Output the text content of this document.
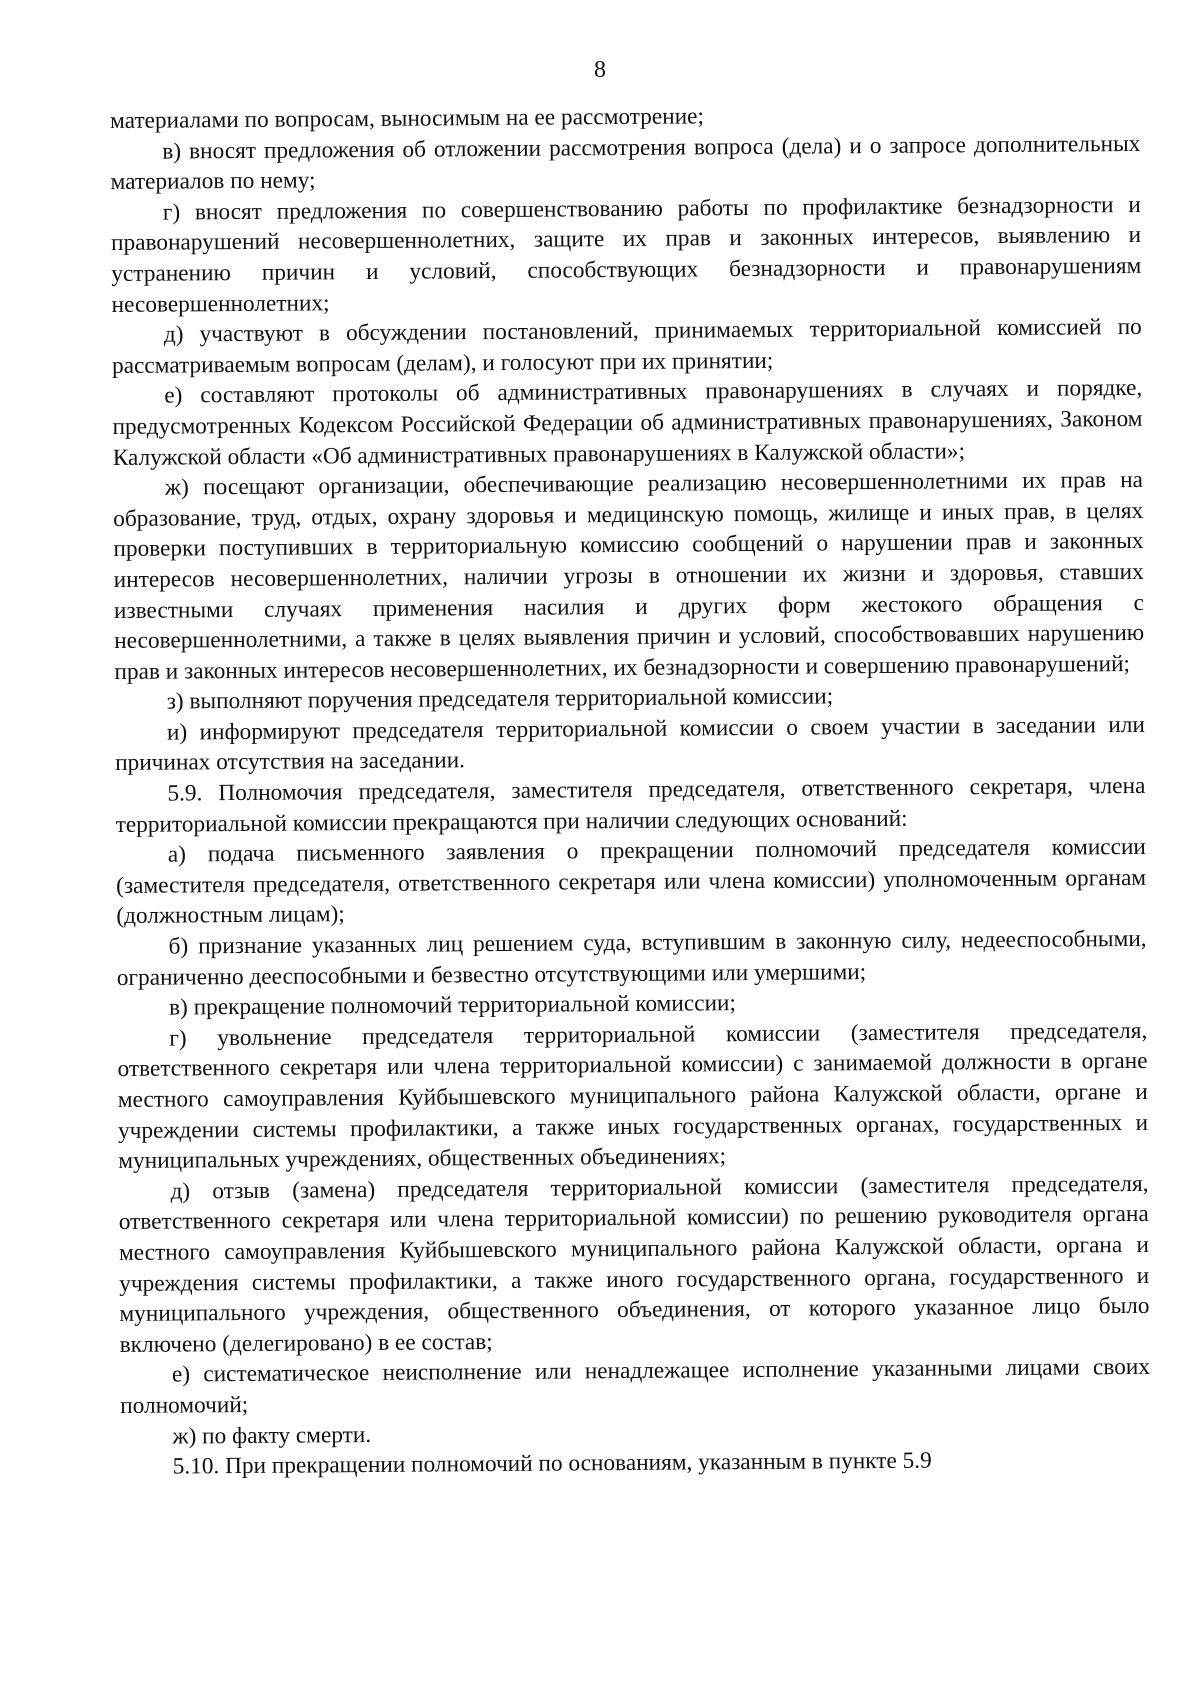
8

материалами по вопросам, выносимым на ее рассмотрение;

в) вносят предложения об отложении рассмотрения вопроса (дела) и о запросе дополнительных материалов по нему;

г) вносят предложения по совершенствованию работы по профилактике безнадзорности и правонарушений несовершеннолетних, защите их прав и законных интересов, выявлению и устранению причин и условий, способствующих безнадзорности и правонарушениям несовершеннолетних;

д) участвуют в обсуждении постановлений, принимаемых территориальной комиссией по рассматриваемым вопросам (делам), и голосуют при их принятии;

е) составляют протоколы об административных правонарушениях в случаях и порядке, предусмотренных Кодексом Российской Федерации об административных правонарушениях, Законом Калужской области «Об административных правонарушениях в Калужской области»;

ж) посещают организации, обеспечивающие реализацию несовершеннолетними их прав на образование, труд, отдых, охрану здоровья и медицинскую помощь, жилище и иных прав, в целях проверки поступивших в территориальную комиссию сообщений о нарушении прав и законных интересов несовершеннолетних, наличии угрозы в отношении их жизни и здоровья, ставших известными случаях применения насилия и других форм жестокого обращения с несовершеннолетними, а также в целях выявления причин и условий, способствовавших нарушению прав и законных интересов несовершеннолетних, их безнадзорности и совершению правонарушений;

з) выполняют поручения председателя территориальной комиссии;

и) информируют председателя территориальной комиссии о своем участии в заседании или причинах отсутствия на заседании.

5.9. Полномочия председателя, заместителя председателя, ответственного секретаря, члена территориальной комиссии прекращаются при наличии следующих оснований:

а) подача письменного заявления о прекращении полномочий председателя комиссии (заместителя председателя, ответственного секретаря или члена комиссии) уполномоченным органам (должностным лицам);

б) признание указанных лиц решением суда, вступившим в законную силу, недееспособными, ограниченно дееспособными и безвестно отсутствующими или умершими;

в) прекращение полномочий территориальной комиссии;

г) увольнение председателя территориальной комиссии (заместителя председателя, ответственного секретаря или члена территориальной комиссии) с занимаемой должности в органе местного самоуправления Куйбышевского муниципального района Калужской области, органе и учреждении системы профилактики, а также иных государственных органах, государственных и муниципальных учреждениях, общественных объединениях;

д) отзыв (замена) председателя территориальной комиссии (заместителя председателя, ответственного секретаря или члена территориальной комиссии) по решению руководителя органа местного самоуправления Куйбышевского муниципального района Калужской области, органа и учреждения системы профилактики, а также иного государственного органа, государственного и муниципального учреждения, общественного объединения, от которого указанное лицо было включено (делегировано) в ее состав;

е) систематическое неисполнение или ненадлежащее исполнение указанными лицами своих полномочий;

ж) по факту смерти.

5.10. При прекращении полномочий по основаниям, указанным в пункте 5.9
